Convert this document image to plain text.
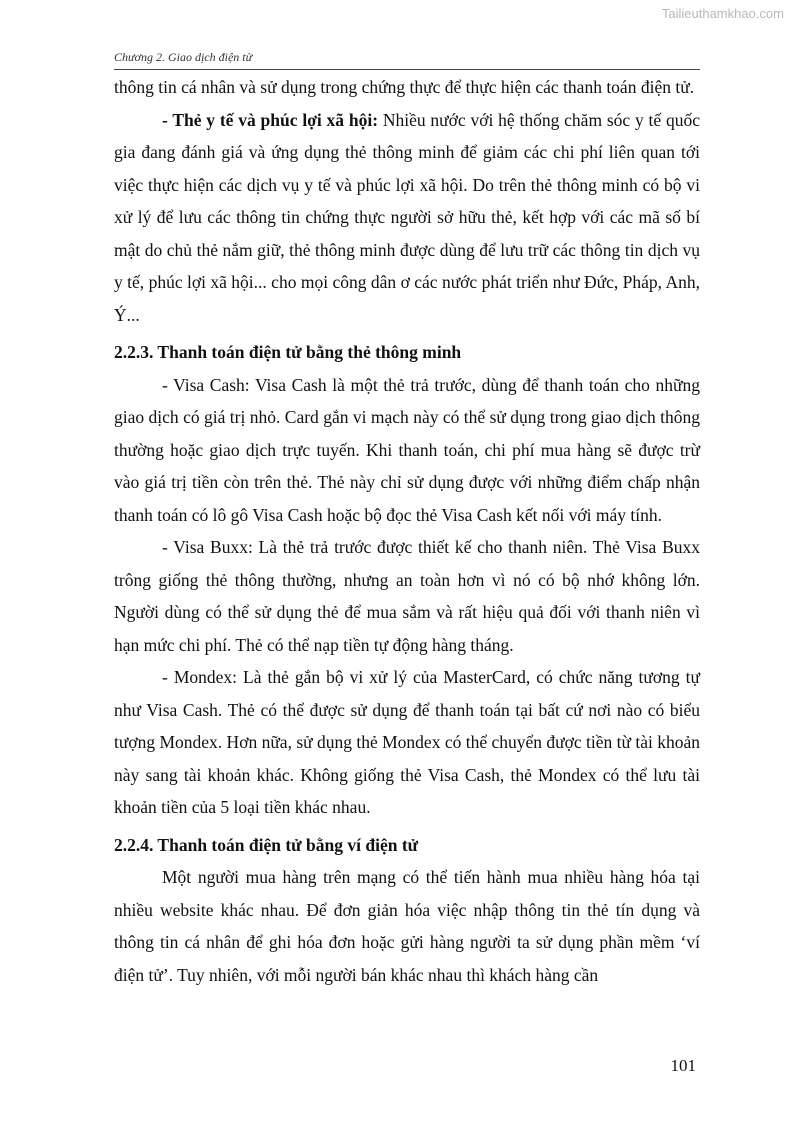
Tailieuthamkhao.com
Chương 2. Giao dịch điện tử

thông tin cá nhân và sử dụng trong chứng thực để thực hiện các thanh toán điện tử.

- Thẻ y tế và phúc lợi xã hội: Nhiều nước với hệ thống chăm sóc y tế quốc gia đang đánh giá và ứng dụng thẻ thông minh để giảm các chi phí liên quan tới việc thực hiện các dịch vụ y tế và phúc lợi xã hội. Do trên thẻ thông minh có bộ vi xử lý để lưu các thông tin chứng thực người sở hữu thẻ, kết hợp với các mã số bí mật do chủ thẻ nắm giữ, thẻ thông minh được dùng để lưu trữ các thông tin dịch vụ y tế, phúc lợi xã hội... cho mọi công dân ơ các nước phát triển như Đức, Pháp, Anh, Ý...

2.2.3. Thanh toán điện tử bằng thẻ thông minh

- Visa Cash: Visa Cash là một thẻ trả trước, dùng để thanh toán cho những giao dịch có giá trị nhỏ. Card gắn vi mạch này có thể sử dụng trong giao dịch thông thường hoặc giao dịch trực tuyến. Khi thanh toán, chi phí mua hàng sẽ được trừ vào giá trị tiền còn trên thẻ. Thẻ này chỉ sử dụng được với những điểm chấp nhận thanh toán có lô gô Visa Cash hoặc bộ đọc thẻ Visa Cash kết nối với máy tính.

- Visa Buxx: Là thẻ trả trước được thiết kế cho thanh niên. Thẻ Visa Buxx trông giống thẻ thông thường, nhưng an toàn hơn vì nó có bộ nhớ không lớn. Người dùng có thể sử dụng thẻ để mua sắm và rất hiệu quả đối với thanh niên vì hạn mức chi phí. Thẻ có thể nạp tiền tự động hàng tháng.

- Mondex: Là thẻ gắn bộ vi xử lý của MasterCard, có chức năng tương tự như Visa Cash. Thẻ có thể được sử dụng để thanh toán tại bất cứ nơi nào có biểu tượng Mondex. Hơn nữa, sử dụng thẻ Mondex có thể chuyển được tiền từ tài khoản này sang tài khoản khác. Không giống thẻ Visa Cash, thẻ Mondex có thể lưu tài khoản tiền của 5 loại tiền khác nhau.

2.2.4. Thanh toán điện tử bằng ví điện tử

Một người mua hàng trên mạng có thể tiến hành mua nhiều hàng hóa tại nhiều website khác nhau. Để đơn giản hóa việc nhập thông tin thẻ tín dụng và thông tin cá nhân để ghi hóa đơn hoặc gửi hàng người ta sử dụng phần mềm ‘ví điện tử’. Tuy nhiên, với mỗi người bán khác nhau thì khách hàng cần

101
